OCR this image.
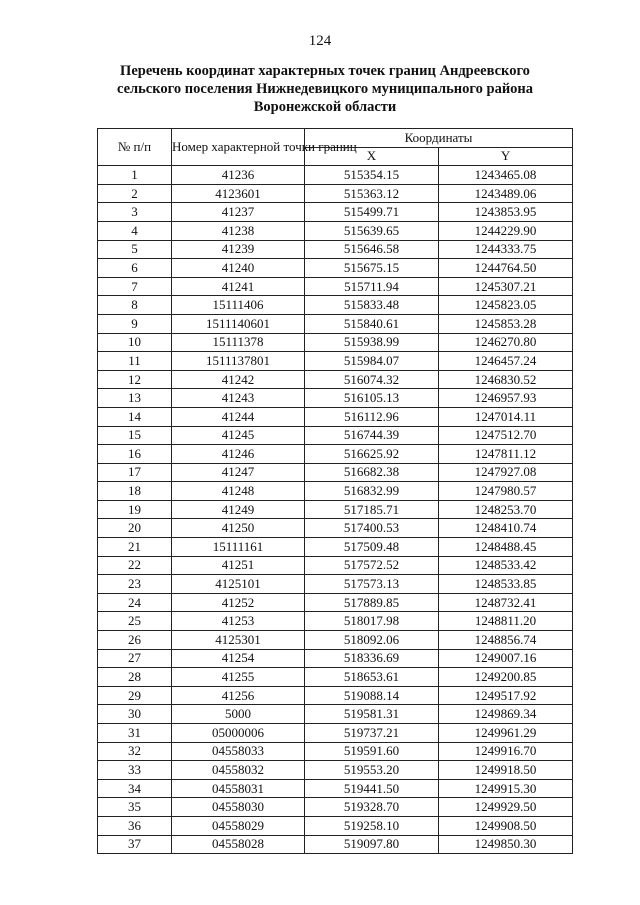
124
Перечень координат характерных точек границ Андреевского сельского поселения Нижнедевицкого муниципального района Воронежской области
№ п/п	Номер характерной точки границ	Координаты	
		X	Y
1	41236	515354.15	1243465.08
2	4123601	515363.12	1243489.06
3	41237	515499.71	1243853.95
4	41238	515639.65	1244229.90
5	41239	515646.58	1244333.75
6	41240	515675.15	1244764.50
7	41241	515711.94	1245307.21
8	15111406	515833.48	1245823.05
9	1511140601	515840.61	1245853.28
10	15111378	515938.99	1246270.80
11	1511137801	515984.07	1246457.24
12	41242	516074.32	1246830.52
13	41243	516105.13	1246957.93
14	41244	516112.96	1247014.11
15	41245	516744.39	1247512.70
16	41246	516625.92	1247811.12
17	41247	516682.38	1247927.08
18	41248	516832.99	1247980.57
19	41249	517185.71	1248253.70
20	41250	517400.53	1248410.74
21	15111161	517509.48	1248488.45
22	41251	517572.52	1248533.42
23	4125101	517573.13	1248533.85
24	41252	517889.85	1248732.41
25	41253	518017.98	1248811.20
26	4125301	518092.06	1248856.74
27	41254	518336.69	1249007.16
28	41255	518653.61	1249200.85
29	41256	519088.14	1249517.92
30	5000	519581.31	1249869.34
31	05000006	519737.21	1249961.29
32	04558033	519591.60	1249916.70
33	04558032	519553.20	1249918.50
34	04558031	519441.50	1249915.30
35	04558030	519328.70	1249929.50
36	04558029	519258.10	1249908.50
37	04558028	519097.80	1249850.30
